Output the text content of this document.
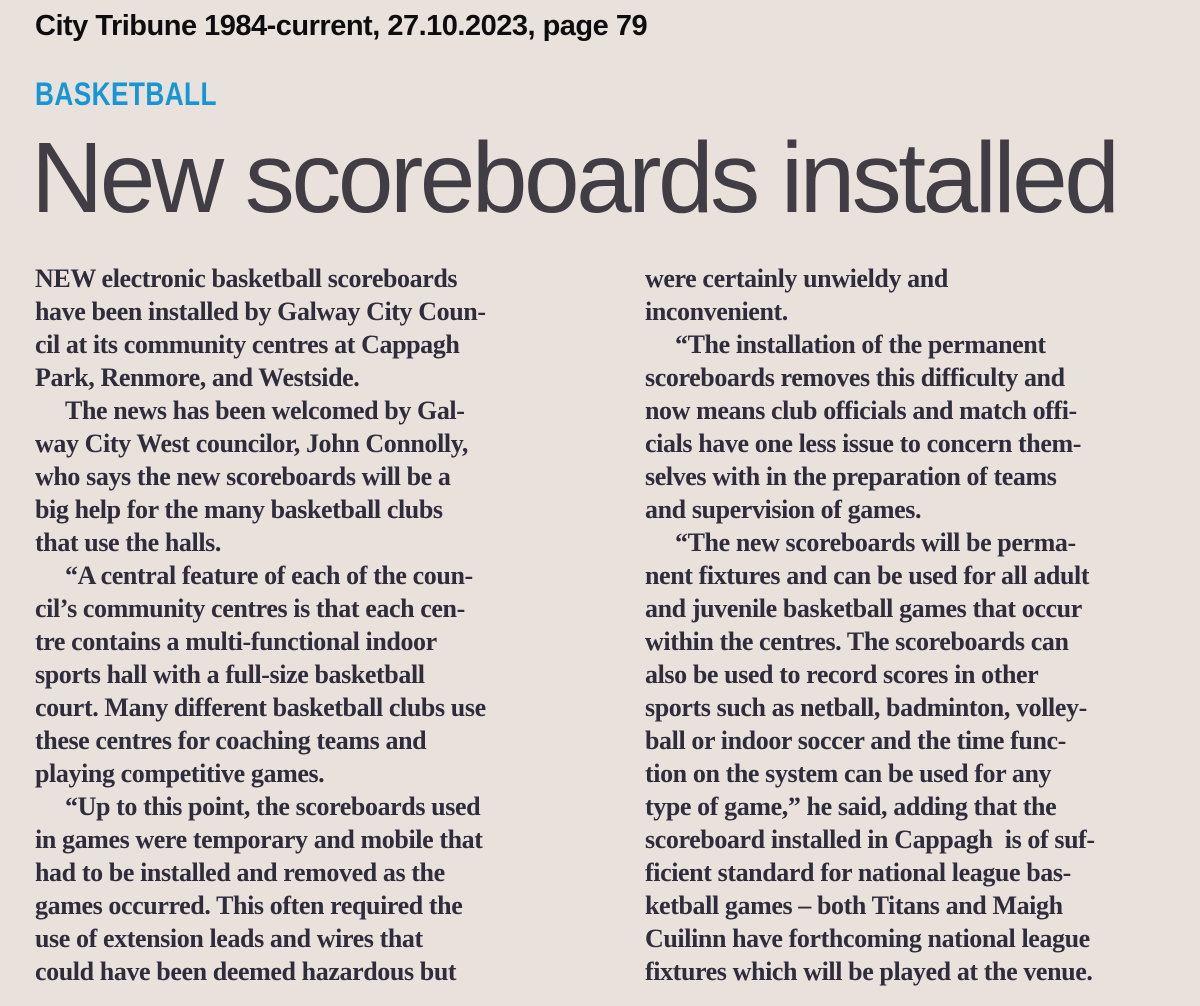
City Tribune 1984-current, 27.10.2023, page 79
BASKETBALL
New scoreboards installed
NEW electronic basketball scoreboards
have been installed by Galway City Coun-
cil at its community centres at Cappagh
Park, Renmore, and Westside.
The news has been welcomed by Gal-
way City West councilor, John Connolly,
who says the new scoreboards will be a
big help for the many basketball clubs
that use the halls.
“A central feature of each of the coun-
cil’s community centres is that each cen-
tre contains a multi-functional indoor
sports hall with a full-size basketball
court. Many different basketball clubs use
these centres for coaching teams and
playing competitive games.
“Up to this point, the scoreboards used
in games were temporary and mobile that
had to be installed and removed as the
games occurred. This often required the
use of extension leads and wires that
could have been deemed hazardous but
were certainly unwieldy and
inconvenient.
“The installation of the permanent
scoreboards removes this difficulty and
now means club officials and match offi-
cials have one less issue to concern them-
selves with in the preparation of teams
and supervision of games.
“The new scoreboards will be perma-
nent fixtures and can be used for all adult
and juvenile basketball games that occur
within the centres. The scoreboards can
also be used to record scores in other
sports such as netball, badminton, volley-
ball or indoor soccer and the time func-
tion on the system can be used for any
type of game,” he said, adding that the
scoreboard installed in Cappagh  is of suf-
ficient standard for national league bas-
ketball games – both Titans and Maigh
Cuilinn have forthcoming national league
fixtures which will be played at the venue.
